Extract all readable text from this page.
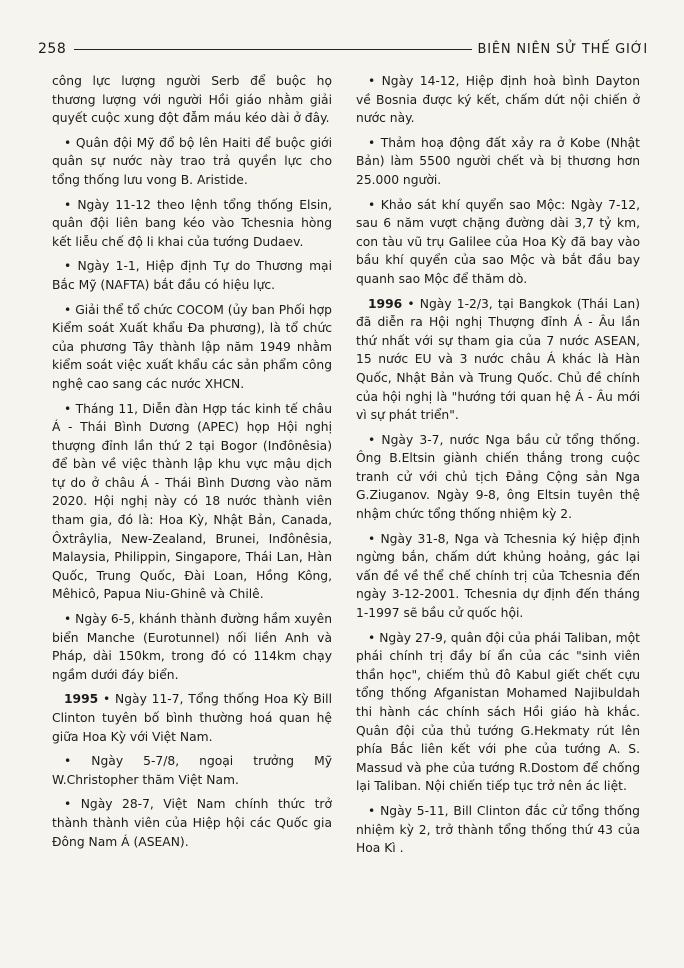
258	BIÊN NIÊN SỬ THẾ GIỚI

công lực lượng người Serb để buộc họ thương lượng với người Hồi giáo nhằm giải quyết cuộc xung đột đẫm máu kéo dài ở đây.

• Quân đội Mỹ đổ bộ lên Haiti để buộc giới quân sự nước này trao trả quyền lực cho tổng thống lưu vong B. Aristide.

• Ngày 11-12 theo lệnh tổng thống Elsin, quân đội liên bang kéo vào Tchesnia hòng kết liễu chế độ li khai của tướng Dudaev.

• Ngày 1-1, Hiệp định Tự do Thương mại Bắc Mỹ (NAFTA) bắt đầu có hiệu lực.

• Giải thể tổ chức COCOM (ủy ban Phối hợp Kiểm soát Xuất khẩu Đa phương), là tổ chức của phương Tây thành lập năm 1949 nhằm kiểm soát việc xuất khẩu các sản phẩm công nghệ cao sang các nước XHCN.

• Tháng 11, Diễn đàn Hợp tác kinh tế châu Á - Thái Bình Dương (APEC) họp Hội nghị thượng đỉnh lần thứ 2 tại Bogor (Inđônêsia) để bàn về việc thành lập khu vực mậu dịch tự do ở châu Á - Thái Bình Dương vào năm 2020. Hội nghị này có 18 nước thành viên tham gia, đó là: Hoa Kỳ, Nhật Bản, Canada, Ôxtrâylia, New-Zealand, Brunei, Inđônêsia, Malaysia, Philippin, Singapore, Thái Lan, Hàn Quốc, Trung Quốc, Đài Loan, Hồng Kông, Mêhicô, Papua Niu-Ghinê và Chilê.

• Ngày 6-5, khánh thành đường hầm xuyên biển Manche (Eurotunnel) nối liền Anh và Pháp, dài 150km, trong đó có 114km chạy ngầm dưới đáy biển.

1995 • Ngày 11-7, Tổng thống Hoa Kỳ Bill Clinton tuyên bố bình thường hoá quan hệ giữa Hoa Kỳ với Việt Nam.

• Ngày 5-7/8, ngoại trưởng Mỹ W.Christopher thăm Việt Nam.

• Ngày 28-7, Việt Nam chính thức trở thành thành viên của Hiệp hội các Quốc gia Đông Nam Á (ASEAN).

• Ngày 14-12, Hiệp định hoà bình Dayton về Bosnia được ký kết, chấm dứt nội chiến ở nước này.

• Thảm hoạ động đất xảy ra ở Kobe (Nhật Bản) làm 5500 người chết và bị thương hơn 25.000 người.

• Khảo sát khí quyển sao Mộc: Ngày 7-12, sau 6 năm vượt chặng đường dài 3,7 tỷ km, con tàu vũ trụ Galilee của Hoa Kỳ đã bay vào bầu khí quyển của sao Mộc và bắt đầu bay quanh sao Mộc để thăm dò.

1996 • Ngày 1-2/3, tại Bangkok (Thái Lan) đã diễn ra Hội nghị Thượng đỉnh Á - Âu lần thứ nhất với sự tham gia của 7 nước ASEAN, 15 nước EU và 3 nước châu Á khác là Hàn Quốc, Nhật Bản và Trung Quốc. Chủ đề chính của hội nghị là "hướng tới quan hệ Á - Âu mới vì sự phát triển".

• Ngày 3-7, nước Nga bầu cử tổng thống. Ông B.Eltsin giành chiến thắng trong cuộc tranh cử với chủ tịch Đảng Cộng sản Nga G.Ziuganov. Ngày 9-8, ông Eltsin tuyên thệ nhậm chức tổng thống nhiệm kỳ 2.

• Ngày 31-8, Nga và Tchesnia ký hiệp định ngừng bắn, chấm dứt khủng hoảng, gác lại vấn đề về thể chế chính trị của Tchesnia đến ngày 3-12-2001. Tchesnia dự định đến tháng 1-1997 sẽ bầu cử quốc hội.

• Ngày 27-9, quân đội của phái Taliban, một phái chính trị đầy bí ẩn của các "sinh viên thần học", chiếm thủ đô Kabul giết chết cựu tổng thống Afganistan Mohamed Najibuldah thi hành các chính sách Hồi giáo hà khắc. Quân đội của thủ tướng G.Hekmaty rút lên phía Bắc liên kết với phe của tướng A. S. Massud và phe của tướng R.Dostom để chống lại Taliban. Nội chiến tiếp tục trở nên ác liệt.

• Ngày 5-11, Bill Clinton đắc cử tổng thống nhiệm kỳ 2, trở thành tổng thống thứ 43 của Hoa Kì .
